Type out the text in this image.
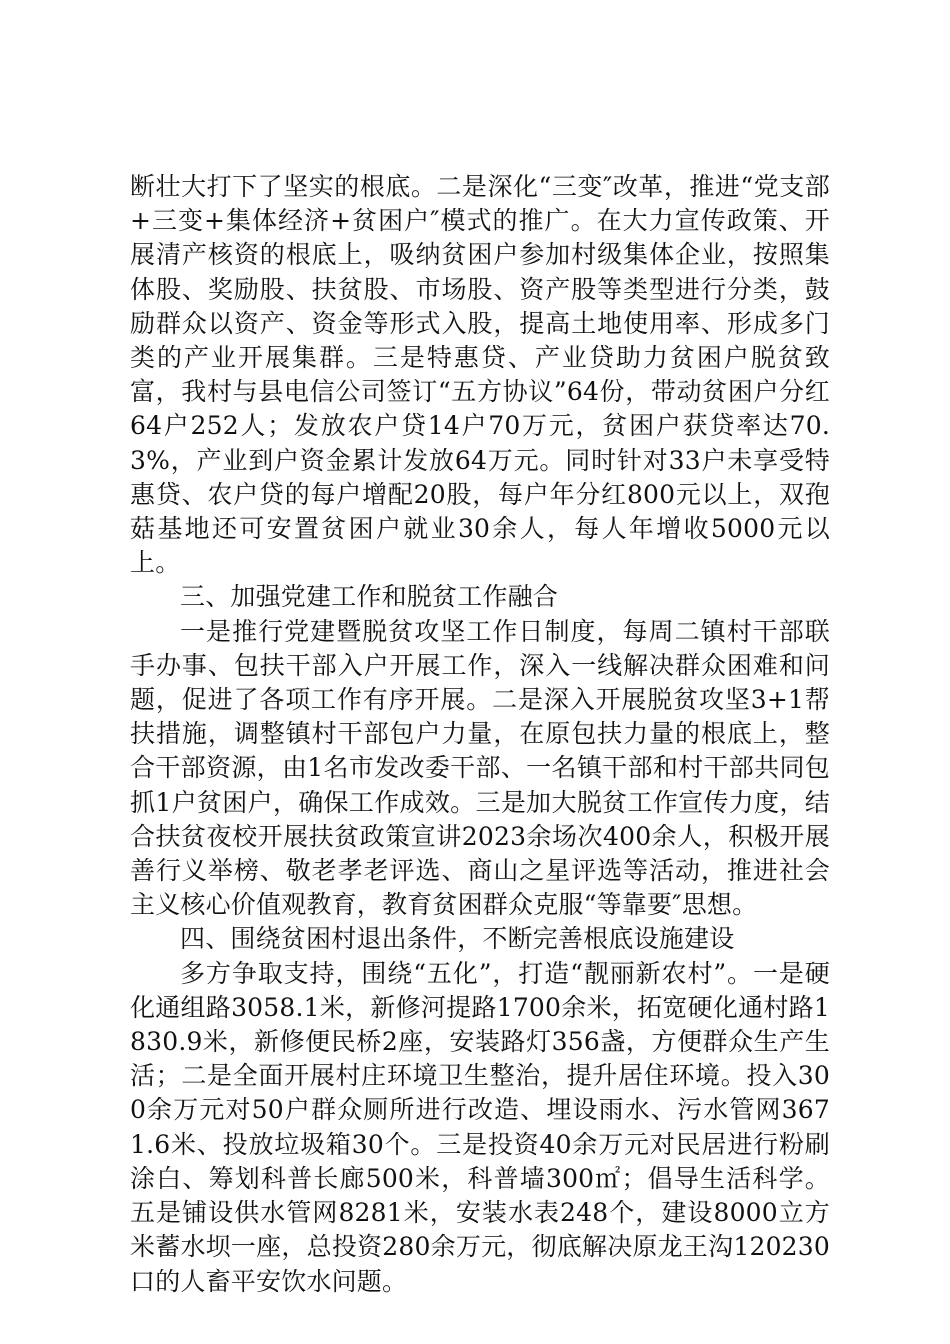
断壮大打下了坚实的根底。二是深化“三变″改革，推进“党支部+三变+集体经济+贫困户″模式的推广。在大力宣传政策、开展清产核资的根底上，吸纳贫困户参加村级集体企业，按照集体股、奖励股、扶贫股、市场股、资产股等类型进行分类，鼓励群众以资产、资金等形式入股，提高土地使用率、形成多门类的产业开展集群。三是特惠贷、产业贷助力贫困户脱贫致富，我村与县电信公司签订“五方协议”64份，带动贫困户分红64户252人；发放农户贷14户70万元，贫困户获贷率达70.3%，产业到户资金累计发放64万元。同时针对33户未享受特惠贷、农户贷的每户增配20股，每户年分红800元以上，双孢菇基地还可安置贫困户就业30余人，每人年增收5000元以上。

三、加强党建工作和脱贫工作融合

一是推行党建暨脱贫攻坚工作日制度，每周二镇村干部联手办事、包扶干部入户开展工作，深入一线解决群众困难和问题，促进了各项工作有序开展。二是深入开展脱贫攻坚3+1帮扶措施，调整镇村干部包户力量，在原包扶力量的根底上，整合干部资源，由1名市发改委干部、一名镇干部和村干部共同包抓1户贫困户，确保工作成效。三是加大脱贫工作宣传力度，结合扶贫夜校开展扶贫政策宣讲2023余场次400余人，积极开展善行义举榜、敬老孝老评选、商山之星评选等活动，推进社会主义核心价值观教育，教育贫困群众克服“等靠要″思想。

四、围绕贫困村退出条件，不断完善根底设施建设

多方争取支持，围绕“五化”，打造“靓丽新农村”。一是硬化通组路3058.1米，新修河提路1700余米，拓宽硬化通村路1830.9米，新修便民桥2座，安装路灯356盏，方便群众生产生活；二是全面开展村庄环境卫生整治，提升居住环境。投入300余万元对50户群众厕所进行改造、埋设雨水、污水管网3671.6米、投放垃圾箱30个。三是投资40余万元对民居进行粉刷涂白、筹划科普长廊500米，科普墙300㎡；倡导生活科学。五是铺设供水管网8281米，安装水表248个，建设8000立方米蓄水坝一座，总投资280余万元，彻底解决原龙王沟120230口的人畜平安饮水问题。
